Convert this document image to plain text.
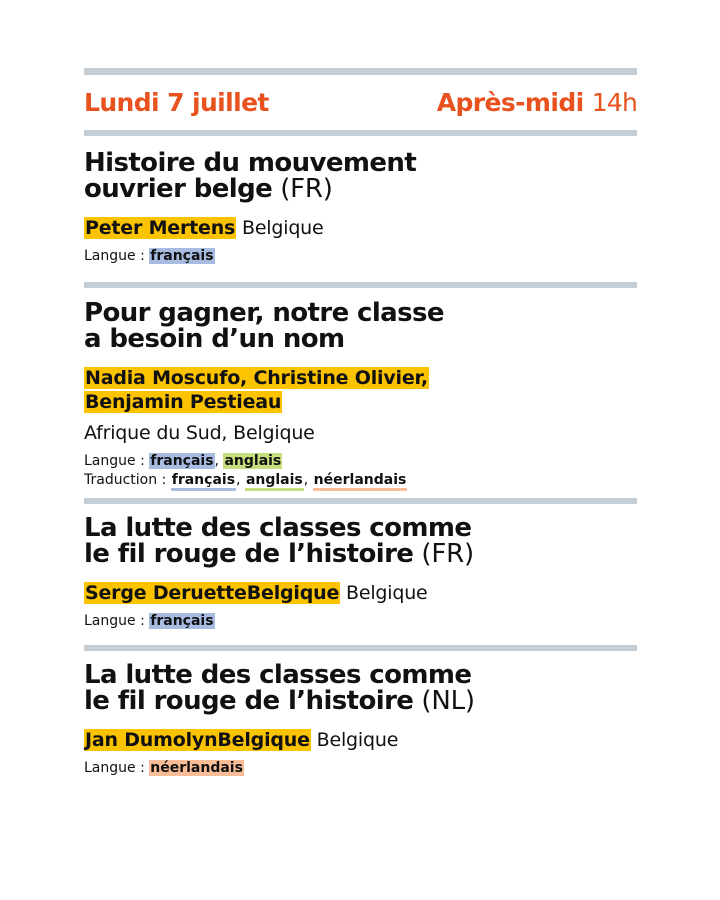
Lundi 7 juillet	Après-midi 14h
Histoire du mouvement
ouvrier belge (FR)
Peter Mertens Belgique
Langue : français
Pour gagner, notre classe
a besoin d’un nom
Nadia Moscufo, Christine Olivier,
Benjamin Pestieau
Afrique du Sud, Belgique
Langue : français, anglais
Traduction : français, anglais, néerlandais
La lutte des classes comme
le fil rouge de l’histoire (FR)
Serge DeruetteBelgique Belgique
Langue : français
La lutte des classes comme
le fil rouge de l’histoire (NL)
Jan DumolynBelgique Belgique
Langue : néerlandais
